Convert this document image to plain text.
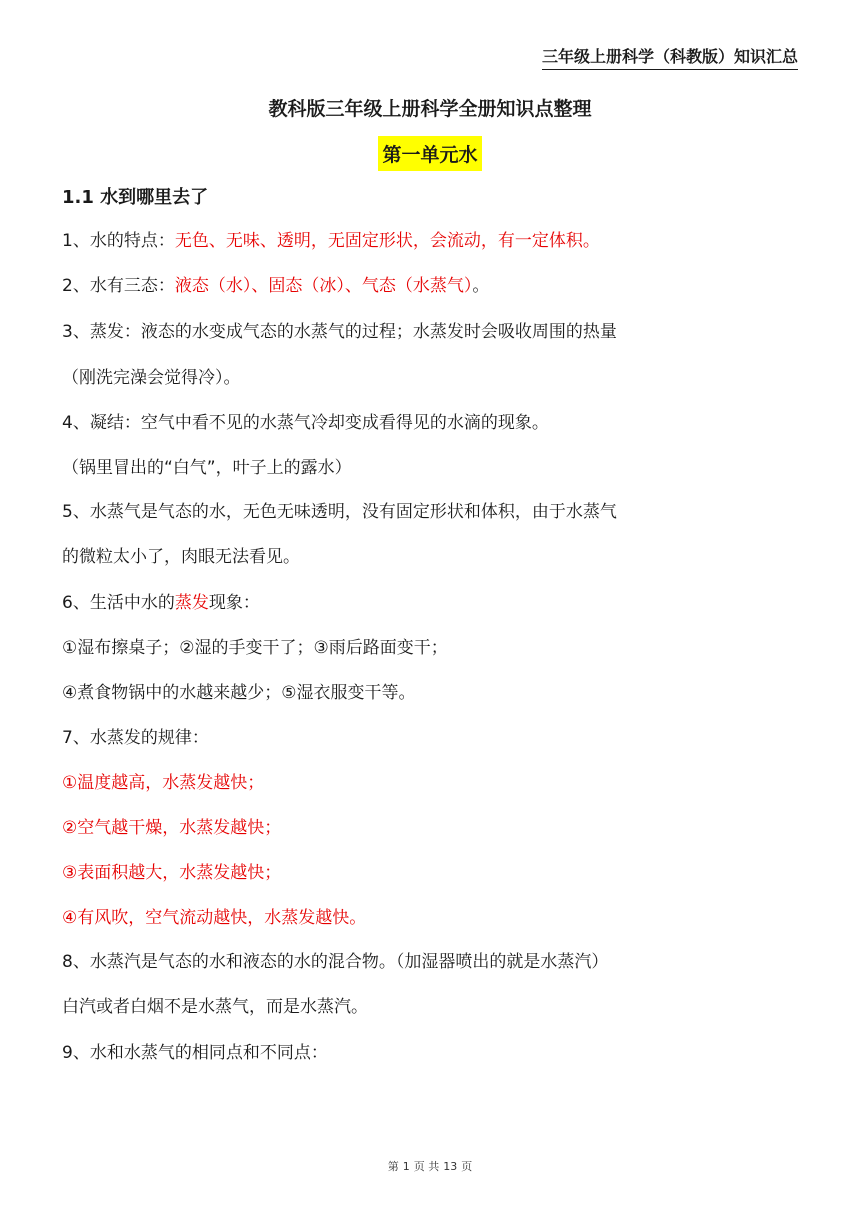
三年级上册科学（科教版）知识汇总
教科版三年级上册科学全册知识点整理
第一单元水
1.1 水到哪里去了
1、水的特点：无色、无味、透明，无固定形状，会流动，有一定体积。
2、水有三态：液态（水）、固态（冰）、气态（水蒸气）。
3、蒸发：液态的水变成气态的水蒸气的过程；水蒸发时会吸收周围的热量
（刚洗完澡会觉得冷）。
4、凝结：空气中看不见的水蒸气冷却变成看得见的水滴的现象。
（锅里冒出的“白气”，叶子上的露水）
5、水蒸气是气态的水，无色无味透明，没有固定形状和体积，由于水蒸气
的微粒太小了，肉眼无法看见。
6、生活中水的蒸发现象：
①湿布擦桌子；②湿的手变干了；③雨后路面变干；
④煮食物锅中的水越来越少；⑤湿衣服变干等。
7、水蒸发的规律：
①温度越高，水蒸发越快；
②空气越干燥，水蒸发越快；
③表面积越大，水蒸发越快；
④有风吹，空气流动越快，水蒸发越快。
8、水蒸汽是气态的水和液态的水的混合物。（加湿器喷出的就是水蒸汽）
白汽或者白烟不是水蒸气，而是水蒸汽。
9、水和水蒸气的相同点和不同点：
第 1 页 共 13 页
